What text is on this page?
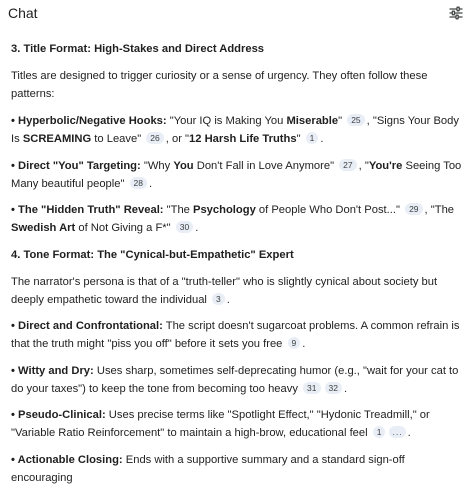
Chat
3. Title Format: High-Stakes and Direct Address
Titles are designed to trigger curiosity or a sense of urgency. They often follow these patterns:
• Hyperbolic/Negative Hooks: "Your IQ is Making You Miserable" 25 , "Signs Your Body Is SCREAMING to Leave" 26 , or "12 Harsh Life Truths" 1 .
• Direct "You" Targeting: "Why You Don't Fall in Love Anymore" 27 , "You're Seeing Too Many beautiful people" 28 .
• The "Hidden Truth" Reveal: "The Psychology of People Who Don't Post..." 29 , "The Swedish Art of Not Giving a F*" 30 .
4. Tone Format: The "Cynical-but-Empathetic" Expert
The narrator's persona is that of a "truth-teller" who is slightly cynical about society but deeply empathetic toward the individual 3 .
• Direct and Confrontational: The script doesn't sugarcoat problems. A common refrain is that the truth might "piss you off" before it sets you free 9 .
• Witty and Dry: Uses sharp, sometimes self-deprecating humor (e.g., "wait for your cat to do your taxes") to keep the tone from becoming too heavy 31 32 .
• Pseudo-Clinical: Uses precise terms like "Spotlight Effect," "Hydonic Treadmill," or "Variable Ratio Reinforcement" to maintain a high-brow, educational feel 1 ... .
• Actionable Closing: Ends with a supportive summary and a standard sign-off encouraging
